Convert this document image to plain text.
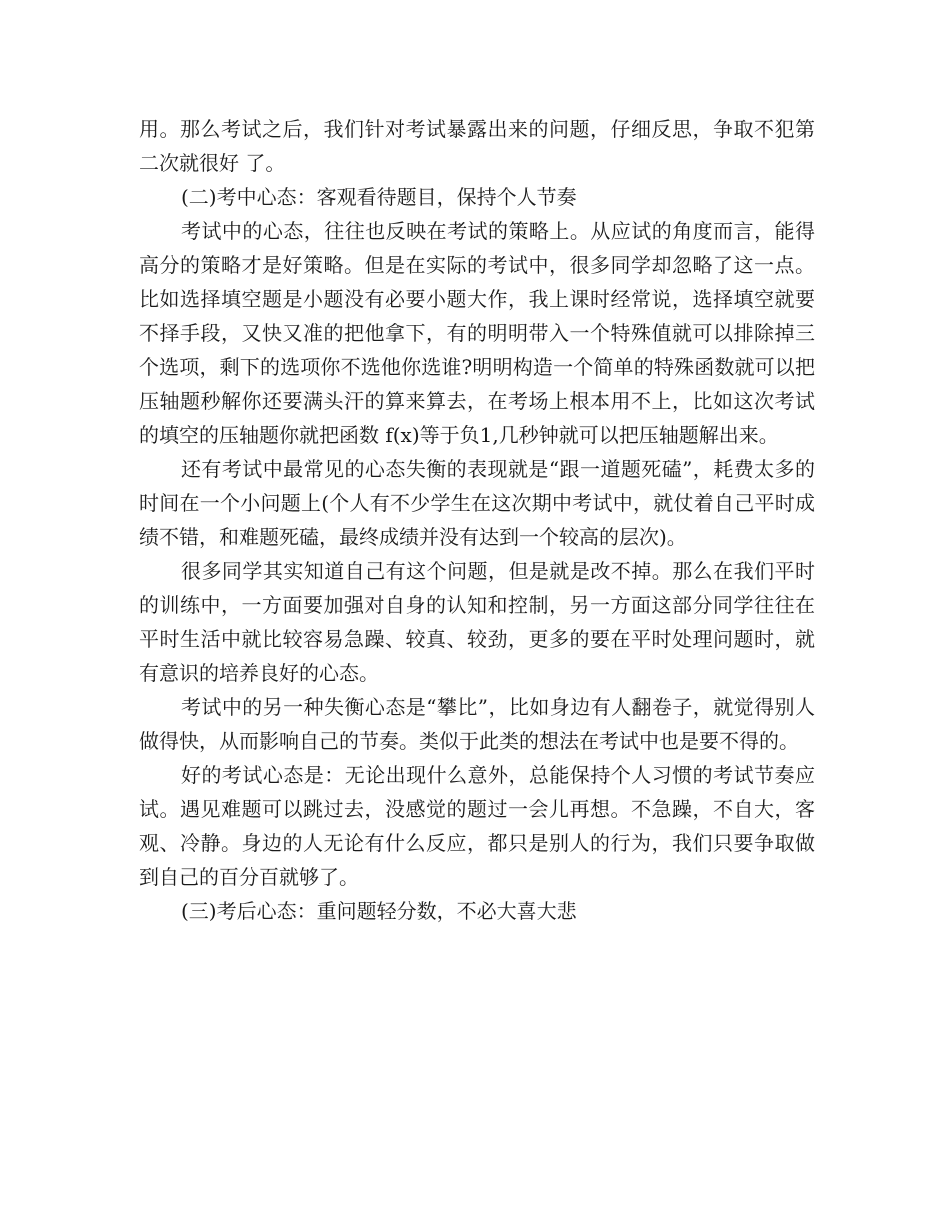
用。那么考试之后，我们针对考试暴露出来的问题，仔细反思，争取不犯第二次就很好 了。

(二)考中心态：客观看待题目，保持个人节奏

考试中的心态，往往也反映在考试的策略上。从应试的角度而言，能得高分的策略才是好策略。但是在实际的考试中，很多同学却忽略了这一点。比如选择填空题是小题没有必要小题大作，我上课时经常说，选择填空就要不择手段，又快又准的把他拿下，有的明明带入一个特殊值就可以排除掉三个选项，剩下的选项你不选他你选谁?明明构造一个简单的特殊函数就可以把压轴题秒解你还要满头汗的算来算去，在考场上根本用不上，比如这次考试的填空的压轴题你就把函数 f(x)等于负1,几秒钟就可以把压轴题解出来。

还有考试中最常见的心态失衡的表现就是“跟一道题死磕”，耗费太多的时间在一个小问题上(个人有不少学生在这次期中考试中，就仗着自己平时成绩不错，和难题死磕，最终成绩并没有达到一个较高的层次)。

很多同学其实知道自己有这个问题，但是就是改不掉。那么在我们平时的训练中，一方面要加强对自身的认知和控制，另一方面这部分同学往往在平时生活中就比较容易急躁、较真、较劲，更多的要在平时处理问题时，就有意识的培养良好的心态。

考试中的另一种失衡心态是“攀比”，比如身边有人翻卷子，就觉得别人做得快，从而影响自己的节奏。类似于此类的想法在考试中也是要不得的。

好的考试心态是：无论出现什么意外，总能保持个人习惯的考试节奏应试。遇见难题可以跳过去，没感觉的题过一会儿再想。不急躁，不自大，客观、冷静。身边的人无论有什么反应，都只是别人的行为，我们只要争取做到自己的百分百就够了。

(三)考后心态：重问题轻分数，不必大喜大悲
